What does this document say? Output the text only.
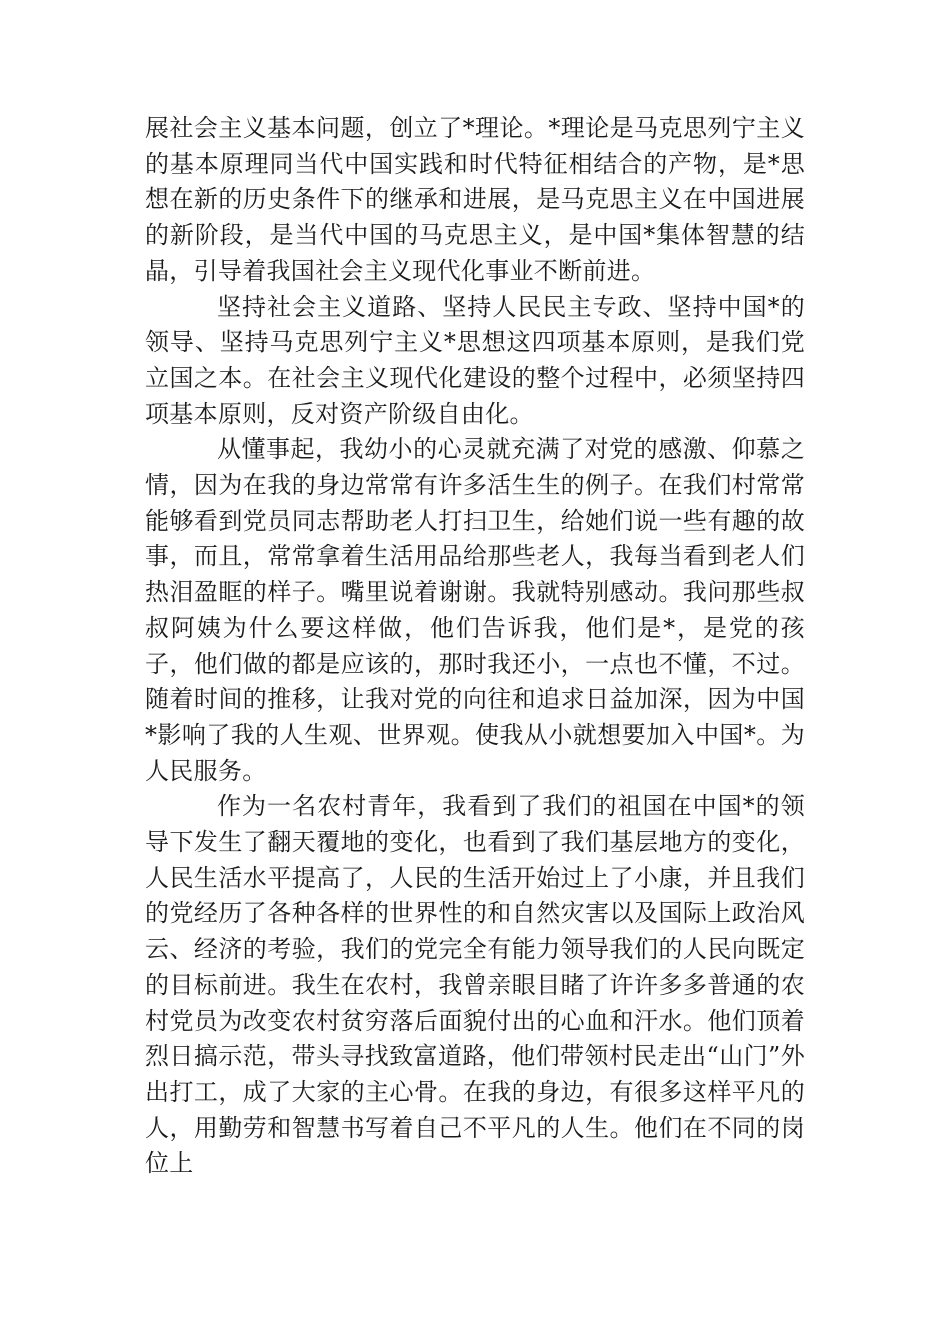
展社会主义基本问题，创立了*理论。*理论是马克思列宁主义的基本原理同当代中国实践和时代特征相结合的产物，是*思想在新的历史条件下的继承和进展，是马克思主义在中国进展的新阶段，是当代中国的马克思主义，是中国*集体智慧的结晶，引导着我国社会主义现代化事业不断前进。

坚持社会主义道路、坚持人民民主专政、坚持中国*的领导、坚持马克思列宁主义*思想这四项基本原则，是我们党立国之本。在社会主义现代化建设的整个过程中，必须坚持四项基本原则，反对资产阶级自由化。

从懂事起，我幼小的心灵就充满了对党的感激、仰慕之情，因为在我的身边常常有许多活生生的例子。在我们村常常能够看到党员同志帮助老人打扫卫生，给她们说一些有趣的故事，而且，常常拿着生活用品给那些老人，我每当看到老人们热泪盈眶的样子。嘴里说着谢谢。我就特别感动。我问那些叔叔阿姨为什么要这样做，他们告诉我，他们是*，是党的孩子，他们做的都是应该的，那时我还小，一点也不懂，不过。随着时间的推移，让我对党的向往和追求日益加深，因为中国*影响了我的人生观、世界观。使我从小就想要加入中国*。为人民服务。

作为一名农村青年，我看到了我们的祖国在中国*的领导下发生了翻天覆地的变化，也看到了我们基层地方的变化，人民生活水平提高了，人民的生活开始过上了小康，并且我们的党经历了各种各样的世界性的和自然灾害以及国际上政治风云、经济的考验，我们的党完全有能力领导我们的人民向既定的目标前进。我生在农村，我曾亲眼目睹了许许多多普通的农村党员为改变农村贫穷落后面貌付出的心血和汗水。他们顶着烈日搞示范，带头寻找致富道路，他们带领村民走出“山门”外出打工，成了大家的主心骨。在我的身边，有很多这样平凡的人，用勤劳和智慧书写着自己不平凡的人生。他们在不同的岗位上
